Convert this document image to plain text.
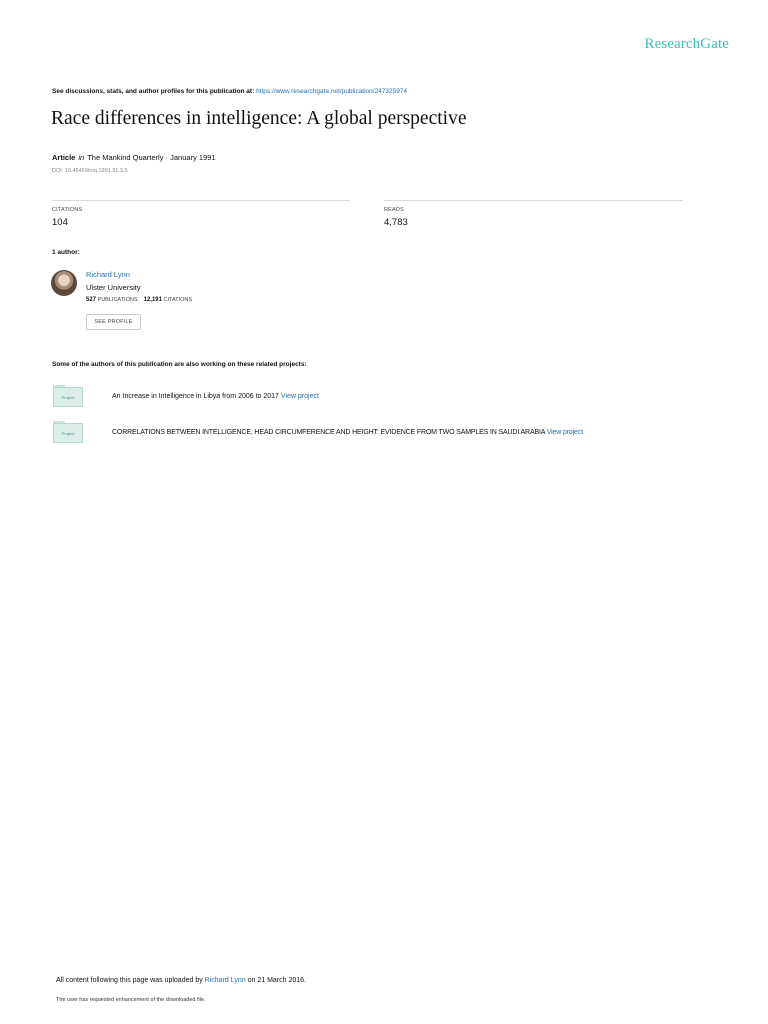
ResearchGate
See discussions, stats, and author profiles for this publication at: https://www.researchgate.net/publication/247325974
Race differences in intelligence: A global perspective
Article in The Mankind Quarterly · January 1991
DOI: 10.46469/mq.1991.31.3.5
CITATIONS
104
READS
4,783
1 author:
Richard Lynn
Ulster University
527 PUBLICATIONS 12,191 CITATIONS
SEE PROFILE
Some of the authors of this publication are also working on these related projects:
Project	An Increase in Intelligence in Libya from 2006 to 2017 View project
Project	CORRELATIONS BETWEEN INTELLIGENCE, HEAD CIRCUMFERENCE AND HEIGHT: EVIDENCE FROM TWO SAMPLES IN SAUDI ARABIA View project
All content following this page was uploaded by Richard Lynn on 21 March 2016.
The user has requested enhancement of the downloaded file.
